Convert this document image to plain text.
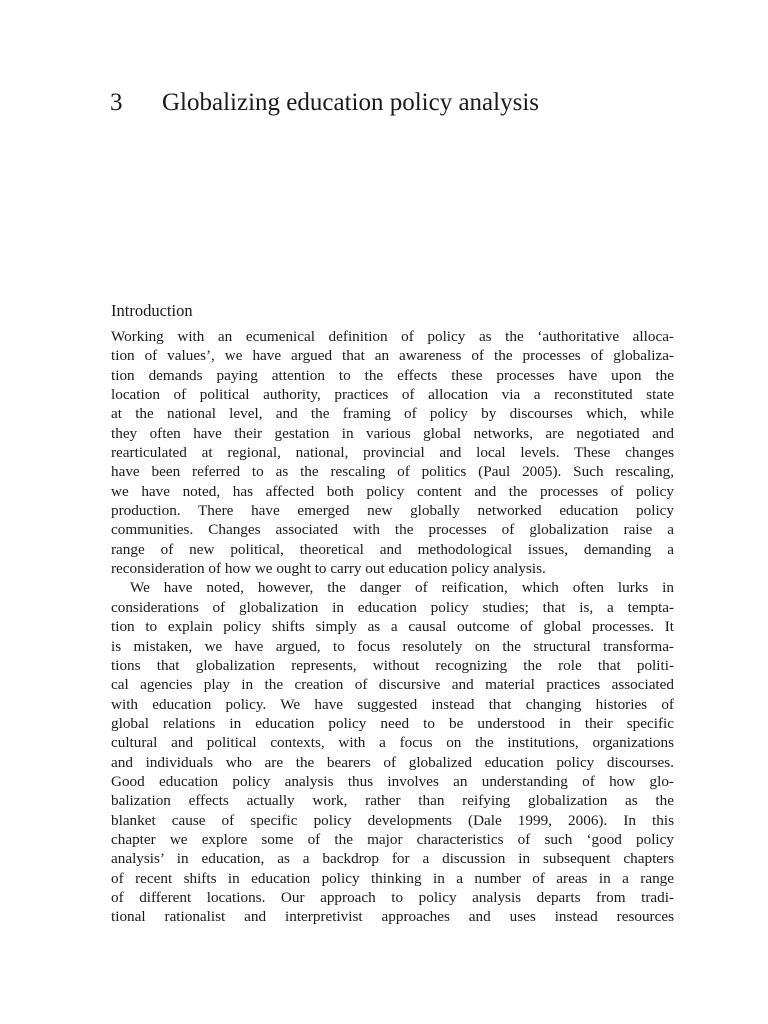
3 Globalizing education policy analysis
Introduction
Working with an ecumenical definition of policy as the ‘authoritative alloca-
tion of values’, we have argued that an awareness of the processes of globaliza-
tion demands paying attention to the effects these processes have upon the
location of political authority, practices of allocation via a reconstituted state
at the national level, and the framing of policy by discourses which, while
they often have their gestation in various global networks, are negotiated and
rearticulated at regional, national, provincial and local levels. These changes
have been referred to as the rescaling of politics (Paul 2005). Such rescaling,
we have noted, has affected both policy content and the processes of policy
production. There have emerged new globally networked education policy
communities. Changes associated with the processes of globalization raise a
range of new political, theoretical and methodological issues, demanding a
reconsideration of how we ought to carry out education policy analysis.
We have noted, however, the danger of reification, which often lurks in
considerations of globalization in education policy studies; that is, a tempta-
tion to explain policy shifts simply as a causal outcome of global processes. It
is mistaken, we have argued, to focus resolutely on the structural transforma-
tions that globalization represents, without recognizing the role that politi-
cal agencies play in the creation of discursive and material practices associated
with education policy. We have suggested instead that changing histories of
global relations in education policy need to be understood in their specific
cultural and political contexts, with a focus on the institutions, organizations
and individuals who are the bearers of globalized education policy discourses.
Good education policy analysis thus involves an understanding of how glo-
balization effects actually work, rather than reifying globalization as the
blanket cause of specific policy developments (Dale 1999, 2006). In this
chapter we explore some of the major characteristics of such ‘good policy
analysis’ in education, as a backdrop for a discussion in subsequent chapters
of recent shifts in education policy thinking in a number of areas in a range
of different locations. Our approach to policy analysis departs from tradi-
tional rationalist and interpretivist approaches and uses instead resources
